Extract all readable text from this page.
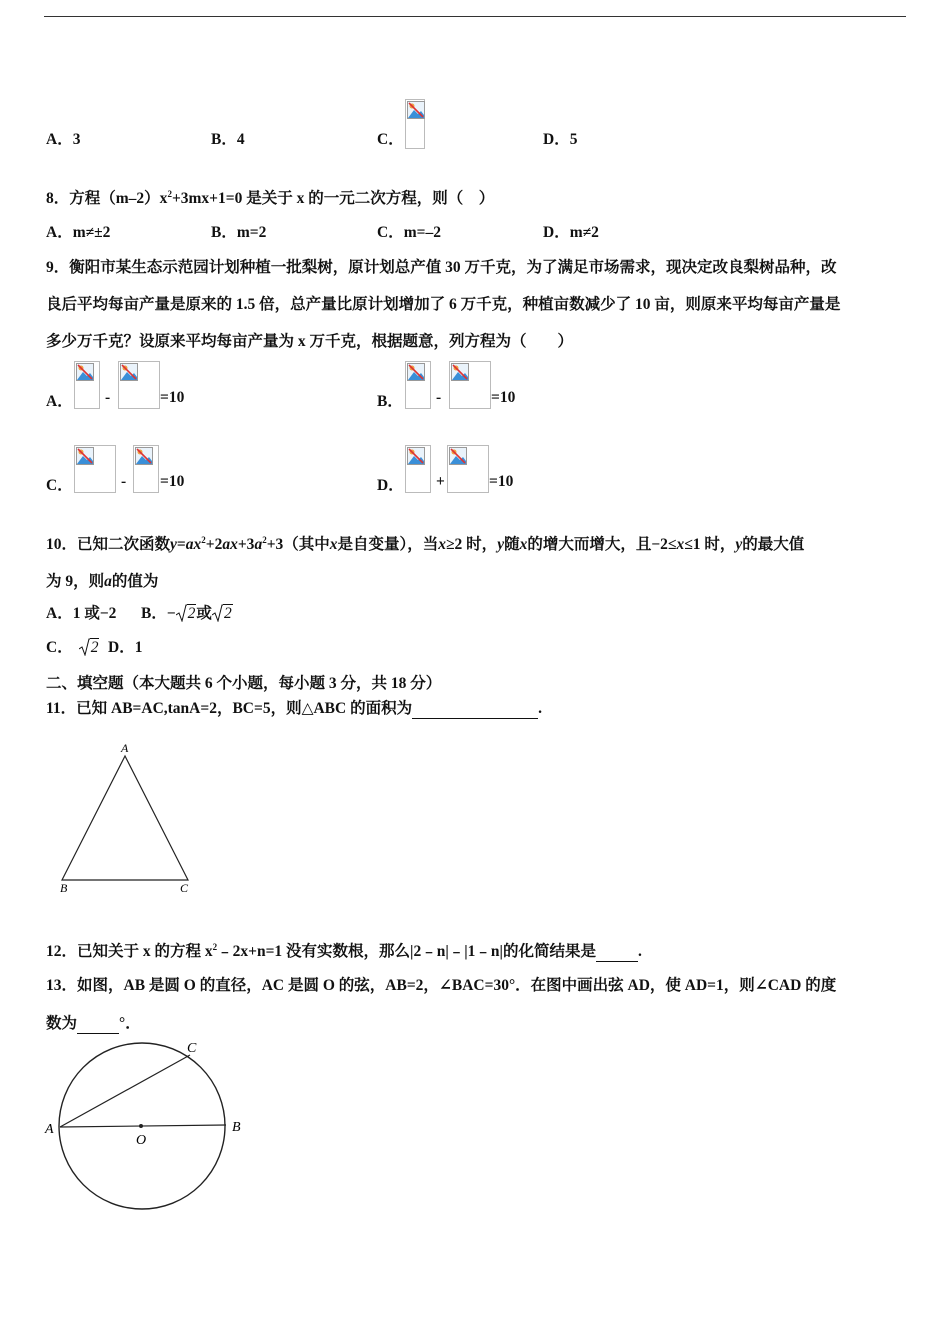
A．3	B．4	C．	D．5
8．方程$(m-2)x^2+3mx+1=0$ 是关于 x 的一元二次方程，则（　）
A．m≠±2	B．m=2	C．m=–2	D．m≠2
9．衡阳市某生态示范园计划种植一批梨树，原计划总产值 30 万千克，为了满足市场需求，现决定改良梨树品种，改
良后平均每亩产量是原来的 1.5 倍，总产量比原计划增加了 6 万千克，种植亩数减少了 10 亩，则原来平均每亩产量是
多少万千克？设原来平均每亩产量为 x 万千克，根据题意，列方程为（　　）
A． -	=10	B． -	=10
C．	- =10	D． +	=10
10．已知二次函数$y=ax^2+2ax+3a^2+3$（其中x是自变量），当x≥2 时，y随x的增大而增大，且−2≤x≤1 时，y的最大值
为 9，则a的值为
A．1 或−2 B．− 2或 2
C． 2 D．1
二、填空题（本大题共 6 个小题，每小题 3 分，共 18 分）
11．已知 AB=AC,tanA=2，BC=5，则△ABC 的面积为	.
A
B	C
12．已知关于 x 的方程 $x^2﹣2x+n=1$ 没有实数根，那么|2﹣n|﹣|1﹣n|的化简结果是	.
13．如图，AB 是圆 O 的直径，AC 是圆 O 的弦，AB=2，∠BAC=30°．在图中画出弦 AD，使 AD=1，则∠CAD 的度
数为	°．
A	B
C
O
